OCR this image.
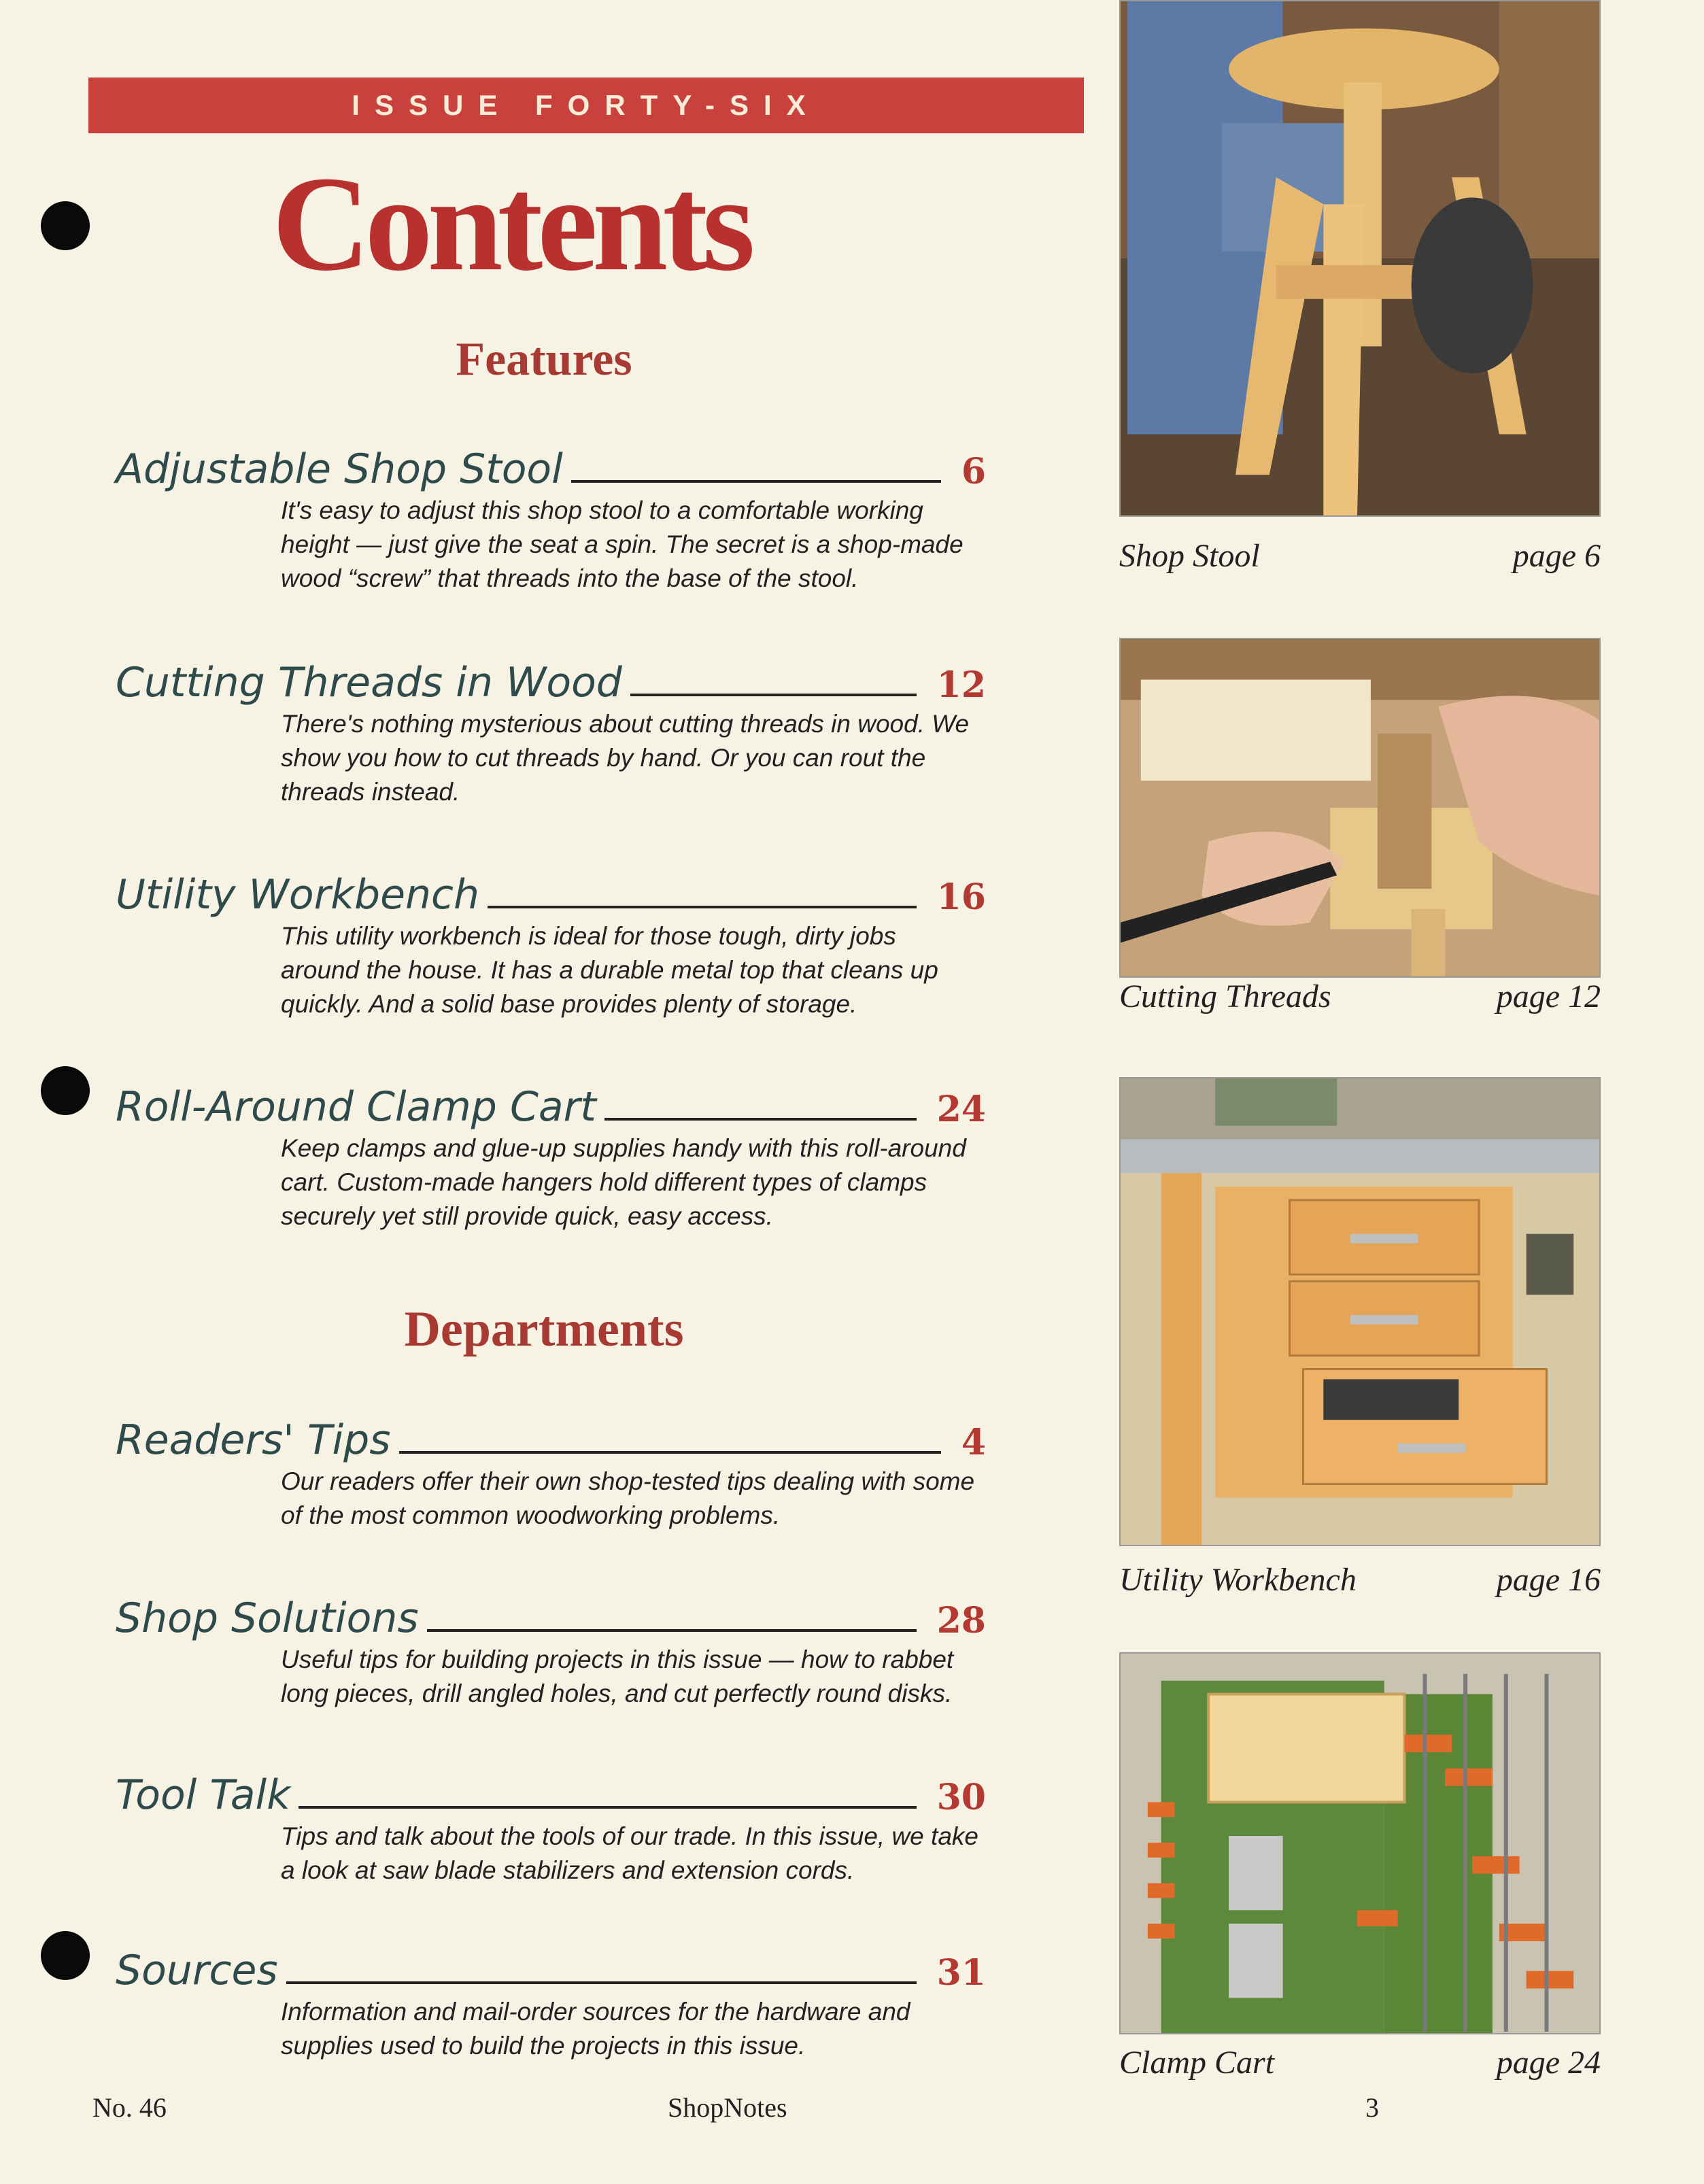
ISSUE FORTY-SIX
Contents
Features
Adjustable Shop Stool	6
It's easy to adjust this shop stool to a comfortable working height — just give the seat a spin. The secret is a shop-made wood “screw” that threads into the base of the stool.
Cutting Threads in Wood	12
There's nothing mysterious about cutting threads in wood. We show you how to cut threads by hand. Or you can rout the threads instead.
Utility Workbench	16
This utility workbench is ideal for those tough, dirty jobs around the house. It has a durable metal top that cleans up quickly. And a solid base provides plenty of storage.
Roll-Around Clamp Cart	24
Keep clamps and glue-up supplies handy with this roll-around cart. Custom-made hangers hold different types of clamps securely yet still provide quick, easy access.
Departments
Readers' Tips	4
Our readers offer their own shop-tested tips dealing with some of the most common woodworking problems.
Shop Solutions	28
Useful tips for building projects in this issue — how to rabbet long pieces, drill angled holes, and cut perfectly round disks.
Tool Talk	30
Tips and talk about the tools of our trade. In this issue, we take a look at saw blade stabilizers and extension cords.
Sources	31
Information and mail-order sources for the hardware and supplies used to build the projects in this issue.
Shop Stool	page 6
Cutting Threads	page 12
Utility Workbench	page 16
Clamp Cart	page 24
No. 46	ShopNotes	3
